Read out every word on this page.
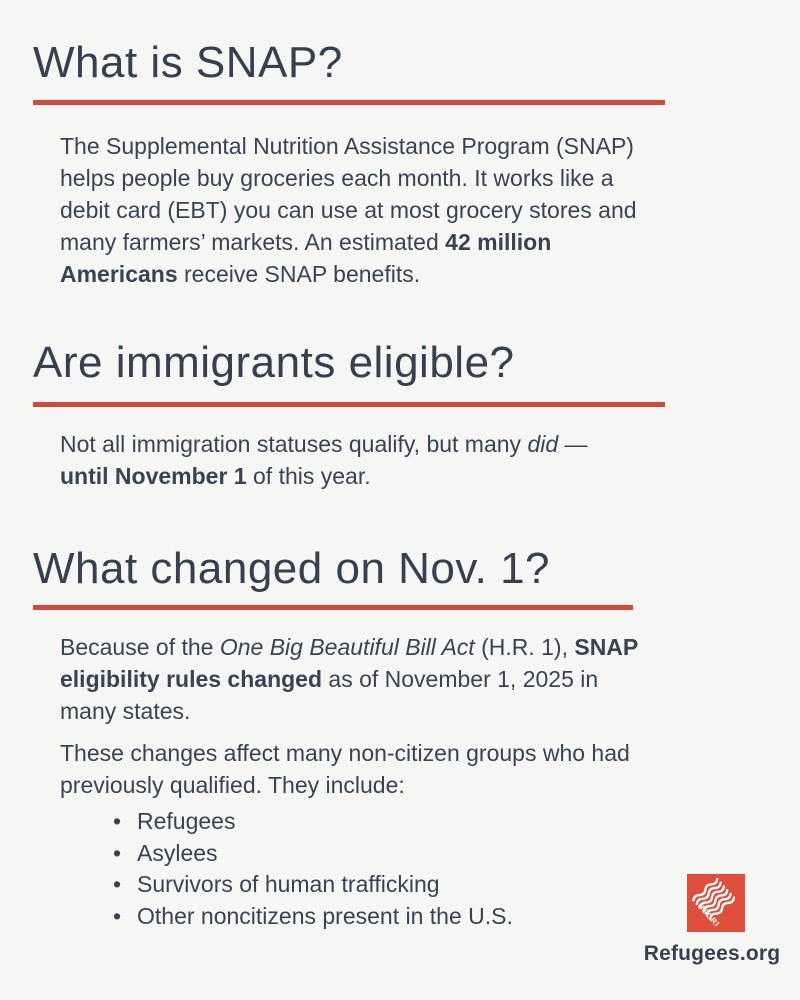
What is SNAP?

The Supplemental Nutrition Assistance Program (SNAP)
helps people buy groceries each month. It works like a
debit card (EBT) you can use at most grocery stores and
many farmers’ markets. An estimated 42 million
Americans receive SNAP benefits.

Are immigrants eligible?

Not all immigration statuses qualify, but many did —
until November 1 of this year.

What changed on Nov. 1?

Because of the One Big Beautiful Bill Act (H.R. 1), SNAP
eligibility rules changed as of November 1, 2025 in
many states.

These changes affect many non-citizen groups who had
previously qualified. They include:

• Refugees
• Asylees
• Survivors of human trafficking
• Other noncitizens present in the U.S.	USCRI
Refugees.org
